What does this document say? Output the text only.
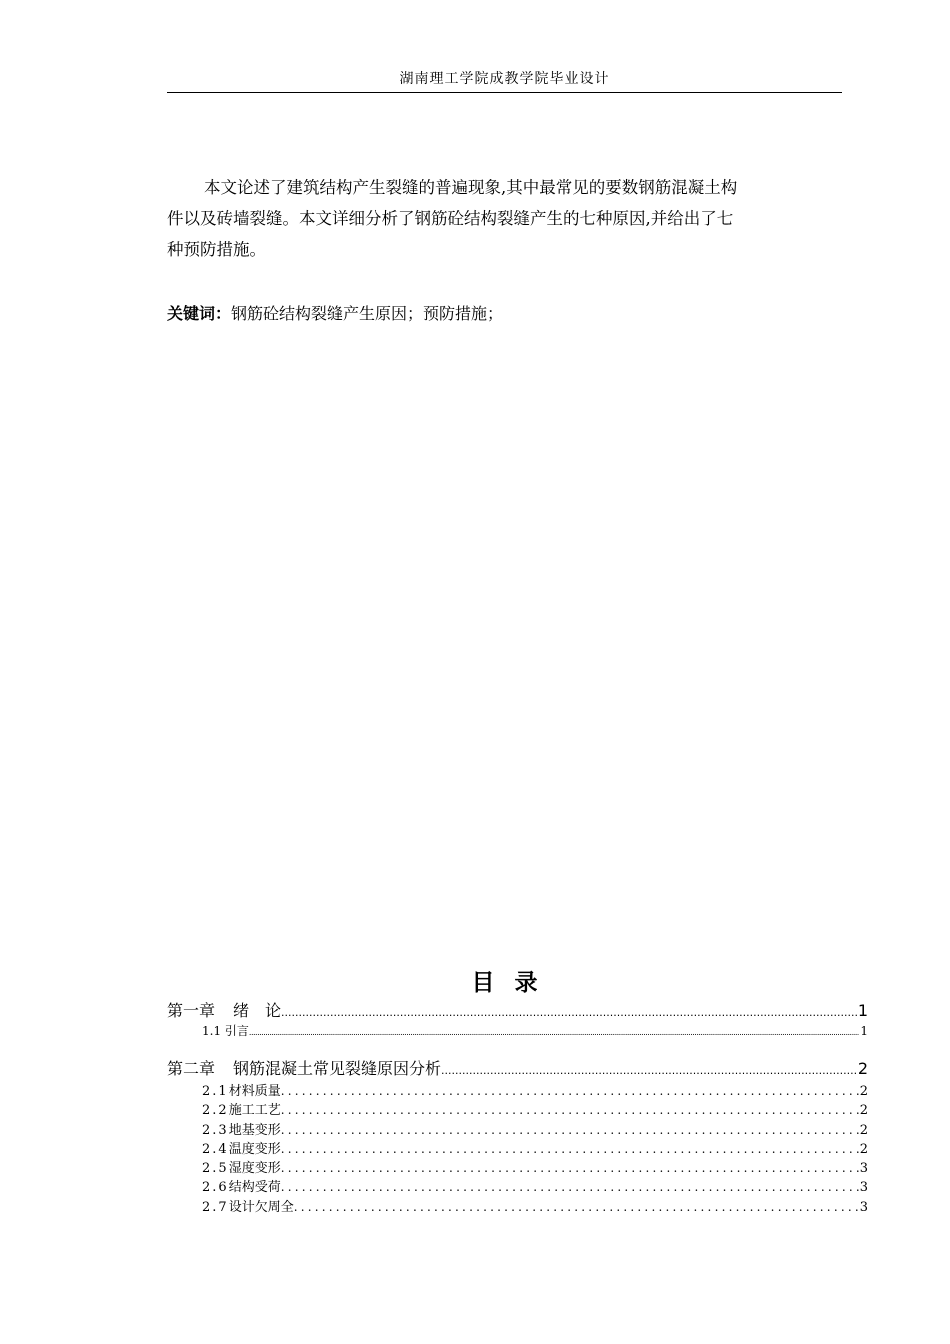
湖南理工学院成教学院毕业设计

本文论述了建筑结构产生裂缝的普遍现象,其中最常见的要数钢筋混凝土构
件以及砖墙裂缝。本文详细分析了钢筋砼结构裂缝产生的七种原因,并给出了七
种预防措施。

关键词：钢筋砼结构裂缝产生原因；预防措施；
目录
第一章 绪　论 .....	1
1.1 引言 .....	1
第二章 钢筋混凝土常见裂缝原因分析 .....	2
2.1 材料质量 .....	2
2.2 施工工艺 .....	2
2.3 地基变形 .....	2
2.4 温度变形 .....	2
2.5 湿度变形 .....	3
2.6 结构受荷 .....	3
2.7 设计欠周全 .....	3
